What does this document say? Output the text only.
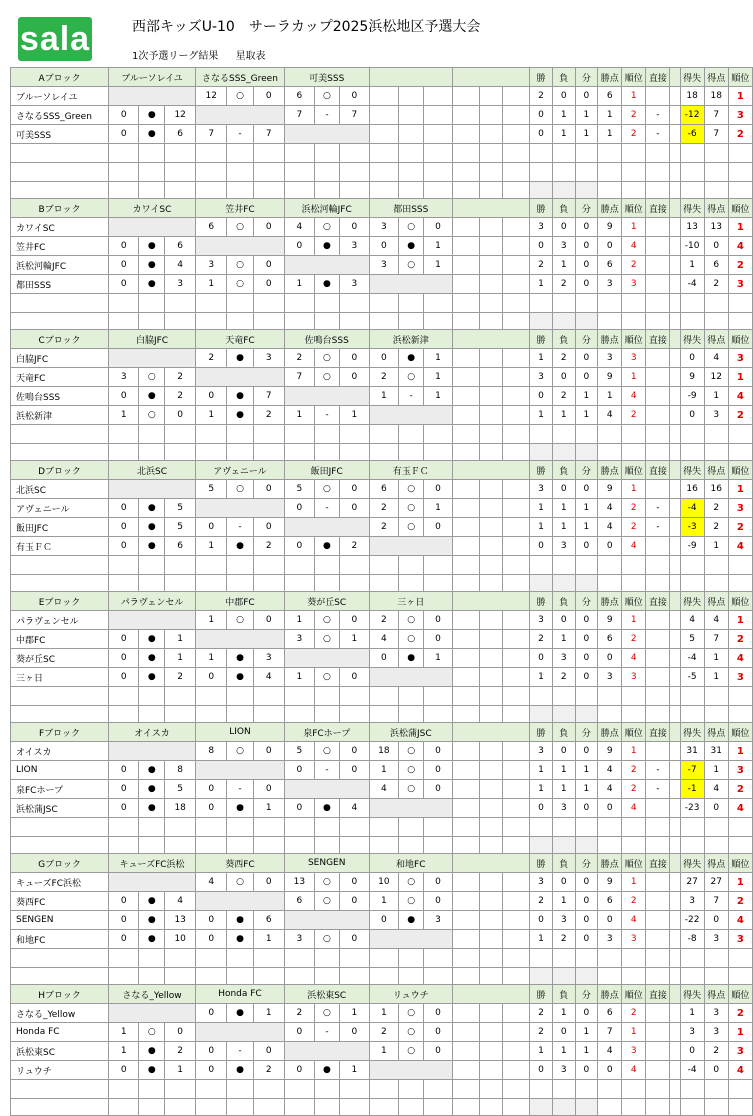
sala	西部キッズU-10　サーラカップ2025浜松地区予選大会
1次予選リーグ結果 星取表
Aブロック	ブルーソレイユ			さなるSSS_Green			可美SSS									勝	負	分	勝点	順位	直接		得失	得点	順位
ブルーソレイユ				12	○	0	6	○	0							2	0	0	6	1			18	18	1
さなるSSS_Green	0	●	12				7	-	7							0	1	1	1	2	-		-12	7	3
可美SSS	0	●	6	7	-	7										0	1	1	1	2	-		-6	7	2

Bブロック	カワイSC			笠井FC			浜松河輪JFC			都田SSS						勝	負	分	勝点	順位	直接		得失	得点	順位
カワイSC				6	○	0	4	○	0	3	○	0				3	0	0	9	1			13	13	1
笠井FC	0	●	6				0	●	3	0	●	1				0	3	0	0	4			-10	0	4
浜松河輪JFC	0	●	4	3	○	0				3	○	1				2	1	0	6	2			1	6	2
都田SSS	0	●	3	1	○	0	1	●	3							1	2	0	3	3			-4	2	3

Cブロック	白脇JFC			天竜FC			佐鳴台SSS			浜松新津						勝	負	分	勝点	順位	直接		得失	得点	順位
白脇JFC				2	●	3	2	○	0	0	●	1				1	2	0	3	3			0	4	3
天竜FC	3	○	2				7	○	0	2	○	1				3	0	0	9	1			9	12	1
佐鳴台SSS	0	●	2	0	●	7				1	-	1				0	2	1	1	4			-9	1	4
浜松新津	1	○	0	1	●	2	1	-	1							1	1	1	4	2			0	3	2

Dブロック	北浜SC			アヴェニール			飯田JFC			有玉ＦＣ						勝	負	分	勝点	順位	直接		得失	得点	順位
北浜SC				5	○	0	5	○	0	6	○	0				3	0	0	9	1			16	16	1
アヴェニール	0	●	5				0	-	0	2	○	1				1	1	1	4	2	-		-4	2	3
飯田JFC	0	●	5	0	-	0				2	○	0				1	1	1	4	2	-		-3	2	2
有玉ＦＣ	0	●	6	1	●	2	0	●	2							0	3	0	0	4			-9	1	4

Eブロック	パラヴェンセル			中郡FC			葵が丘SC			三ヶ日						勝	負	分	勝点	順位	直接		得失	得点	順位
パラヴェンセル				1	○	0	1	○	0	2	○	0				3	0	0	9	1			4	4	1
中郡FC	0	●	1				3	○	1	4	○	0				2	1	0	6	2			5	7	2
葵が丘SC	0	●	1	1	●	3				0	●	1				0	3	0	0	4			-4	1	4
三ヶ日	0	●	2	0	●	4	1	○	0							1	2	0	3	3			-5	1	3

Fブロック	オイスカ			LION			泉FCホープ			浜松蒲JSC						勝	負	分	勝点	順位	直接		得失	得点	順位
オイスカ				8	○	0	5	○	0	18	○	0				3	0	0	9	1			31	31	1
LION	0	●	8				0	-	0	1	○	0				1	1	1	4	2	-		-7	1	3
泉FCホープ	0	●	5	0	-	0				4	○	0				1	1	1	4	2	-		-1	4	2
浜松蒲JSC	0	●	18	0	●	1	0	●	4							0	3	0	0	4			-23	0	4

Gブロック	キューズFC浜松			葵西FC			SENGEN			和地FC						勝	負	分	勝点	順位	直接		得失	得点	順位
キューズFC浜松				4	○	0	13	○	0	10	○	0				3	0	0	9	1			27	27	1
葵西FC	0	●	4				6	○	0	1	○	0				2	1	0	6	2			3	7	2
SENGEN	0	●	13	0	●	6				0	●	3				0	3	0	0	4			-22	0	4
和地FC	0	●	10	0	●	1	3	○	0							1	2	0	3	3			-8	3	3

Hブロック	さなる_Yellow			Honda FC			浜松東SC			リュウチ						勝	負	分	勝点	順位	直接		得失	得点	順位
さなる_Yellow				0	●	1	2	○	1	1	○	0				2	1	0	6	2			1	3	2
Honda FC	1	○	0				0	-	0	2	○	0				2	0	1	7	1			3	3	1
浜松東SC	1	●	2	0	-	0				1	○	0				1	1	1	4	3			0	2	3
リュウチ	0	●	1	0	●	2	0	●	1							0	3	0	0	4			-4	0	4
